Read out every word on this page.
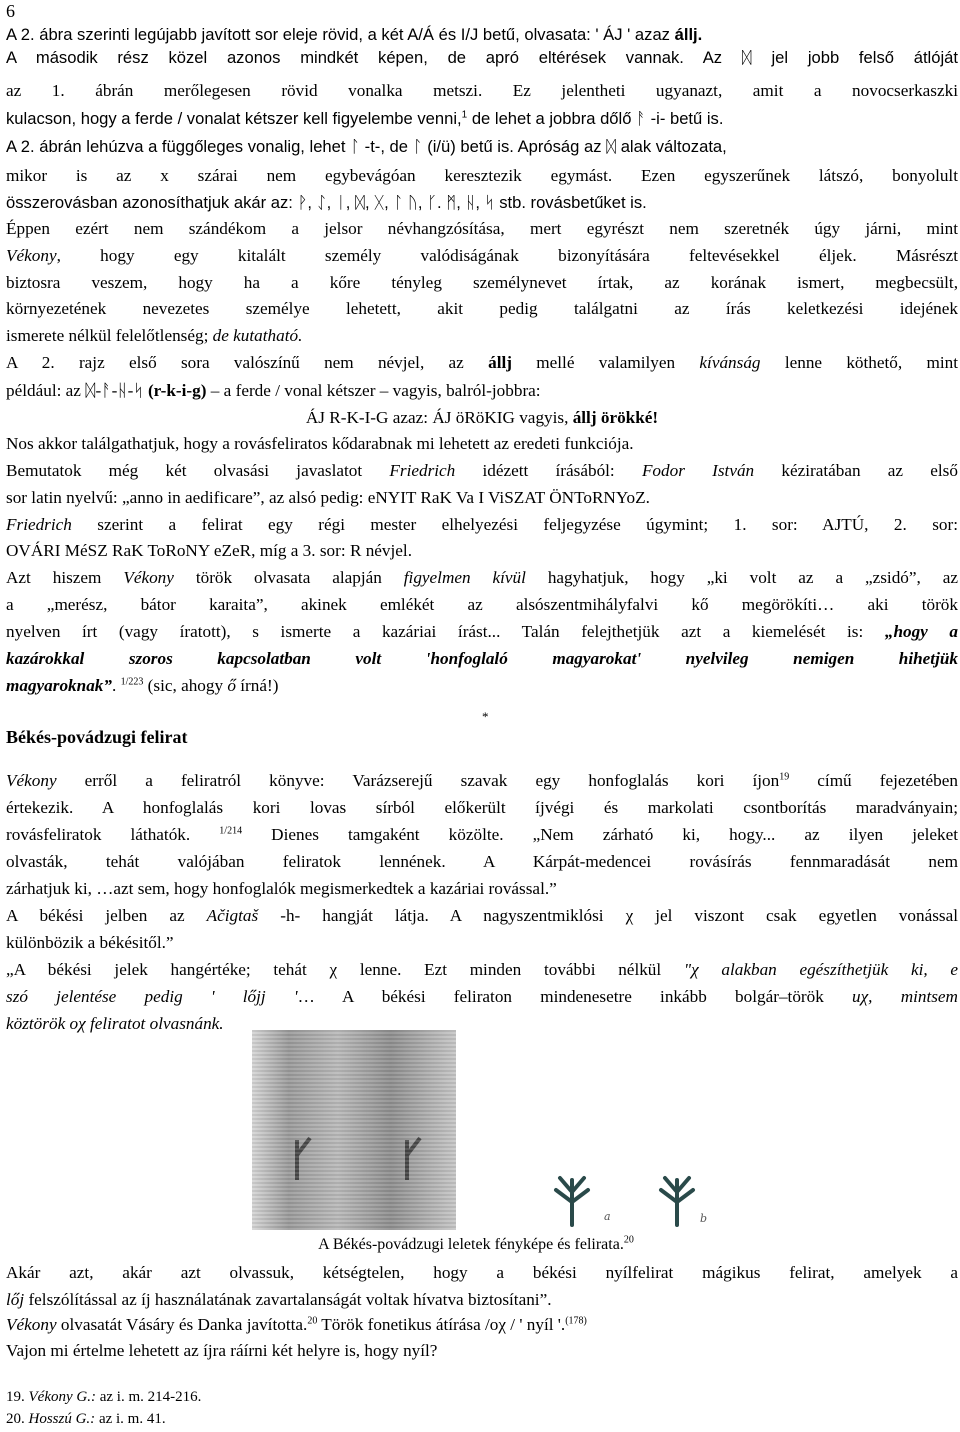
6
A 2. ábra szerinti legújabb javított sor eleje rövid, a két A/Á és I/J betű, olvasata: ' ÁJ ' azaz állj.
A második rész közel azonos mindkét képen, de apró eltérések vannak. Az ᛞ jel jobb felső átlóját
az 1. ábrán merőlegesen rövid vonalka metszi. Ez jelentheti ugyanazt, amit a novocserkaszki
kulacson, hogy a ferde / vonalat kétszer kell figyelembe venni,$^1$ de lehet a jobbra dőlő ᚨ -i- betű is.
A 2. ábrán lehúzva a függőleges vonalig, lehet ᛚ -t-, de ᛚ (i/ü) betű is. Apróság az ᛞ alak változata,
mikor is az x szárai nem egybevágóan keresztezik egymást. Ezen egyszerűnek látszó, bonyolult
összerovásban azonosíthatjuk akár az: ᚹ, ᛇ, ᛁ, ᛞ, ᚷ, ᛚ ᚢ, ᚴ. ᛗ, ᚺ, ᛋ stb. rovásbetűket is.
Éppen ezért nem szándékom a jelsor névhangzósítása, mert egyrészt nem szeretnék úgy járni, mint
Vékony, hogy egy kitalált személy valódiságának bizonyítására feltevésekkel éljek. Másrészt
biztosra veszem, hogy ha a kőre tényleg személynevet írtak, az korának ismert, megbecsült,
környezetének nevezetes személye lehetett, akit pedig találgatni az írás keletkezési idejének
ismerete nélkül felelőtlenség; de kutatható.
A 2. rajz első sora valószínű nem névjel, az állj mellé valamilyen kívánság lenne köthető, mint
például: az ᛞ-ᚨ-ᚺ-ᛋ (r-k-i-g) – a ferde / vonal kétszer – vagyis, balról-jobbra:
ÁJ R-K-I-G azaz: ÁJ öRöKIG vagyis, állj örökké!
Nos akkor találgathatjuk, hogy a rovásfeliratos kődarabnak mi lehetett az eredeti funkciója.
Bemutatok még két olvasási javaslatot Friedrich idézett írásából: Fodor István kéziratában az első
sor latin nyelvű: „anno in aedificare”, az alsó pedig: eNYIT RaK Va I ViSZAT ÖNToRNYoZ.
Friedrich szerint a felirat egy régi mester elhelyezési feljegyzése úgymint; 1. sor: AJTÚ, 2. sor:
OVÁRI MéSZ RaK ToRoNY eZeR, míg a 3. sor: R névjel.
Azt hiszem Vékony török olvasata alapján figyelmen kívül hagyhatjuk, hogy „ki volt az a „zsidó”, az
a „merész, bátor karaita”, akinek emlékét az alsószentmihályfalvi kő megörökíti… aki török
nyelven írt (vagy íratott), s ismerte a kazáriai írást... Talán felejthetjük azt a kiemelését is: „hogy a
kazárokkal szoros kapcsolatban volt 'honfoglaló magyarokat' nyelvileg nemigen hihetjük
magyaroknak”. $^{1/223}$ (sic, ahogy ő írná!)
*
Békés-povádzugi felirat
Vékony erről a feliratról könyve: Varázserejű szavak egy honfoglalás kori íjon$^{19}$ című fejezetében
értekezik. A honfoglalás kori lovas sírból előkerült íjvégi és markolati csontborítás maradványain;
rovásfeliratok láthatók. $^{1/214}$ Dienes tamgaként közölte. „Nem zárható ki, hogy... az ilyen jeleket
olvasták, tehát valójában feliratok lennének. A Kárpát-medencei rovásírás fennmaradását nem
zárhatjuk ki, …azt sem, hogy honfoglalók megismerkedtek a kazáriai rovással.”
A békési jelben az Ačigtaš -h- hangját látja. A nagyszentmiklósi χ jel viszont csak egyetlen vonással
különbözik a békésitől.”
„A békési jelek hangértéke; tehát χ lenne. Ezt minden további nélkül "χ alakban egészíthetjük ki, e
szó jelentése pedig ' lőjj '… A békési feliraton mindenesetre inkább bolgár–török uχ, mintsem
köztörök oχ feliratot olvasnánk.
a	b
A Békés-povádzugi leletek fényképe és felirata.$^{20}$
Akár azt, akár azt olvassuk, kétségtelen, hogy a békési nyílfelirat mágikus felirat, amelyek a
lőj felszólítással az íj használatának zavartalanságát voltak hívatva biztosítani”.
Vékony olvasatát Vásáry és Danka javította.$^{20}$ Török fonetikus átírása /oχ / ' nyíl '.$^{(178)}$
Vajon mi értelme lehetett az íjra ráírni két helyre is, hogy nyíl?
19. Vékony G.: az i. m. 214-216.
20. Hosszú G.: az i. m. 41.
